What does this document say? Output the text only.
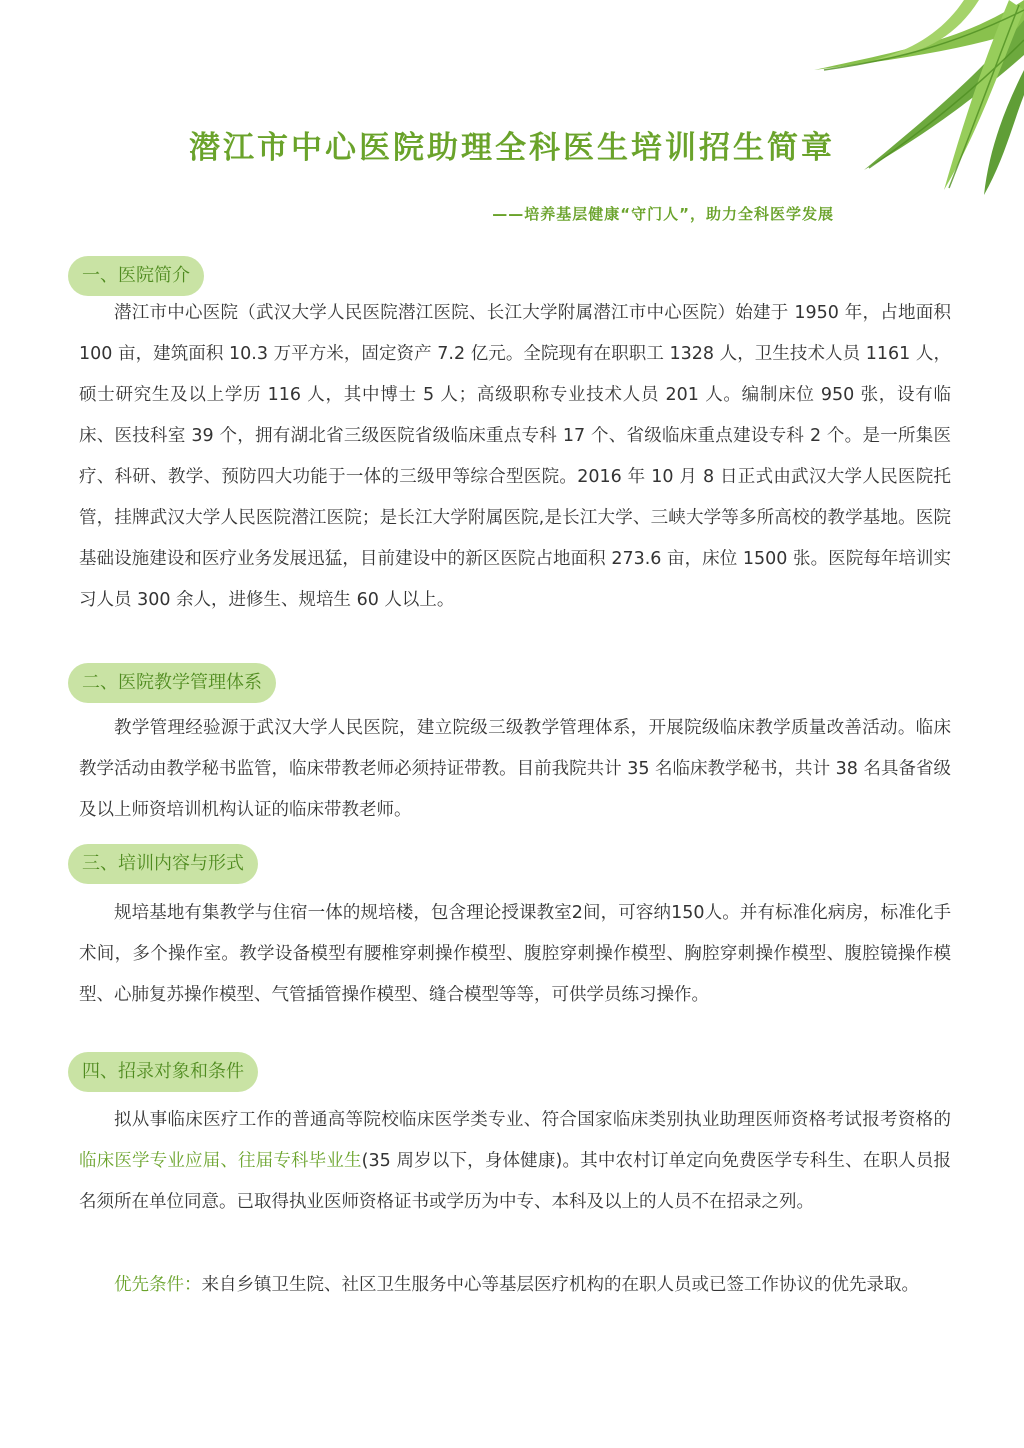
潜江市中心医院助理全科医生培训招生简章
——培养基层健康“守门人”，助力全科医学发展
一、医院简介

潜江市中心医院（武汉大学人民医院潜江医院、长江大学附属潜江市中心医院）始建于 1950 年，占地面积 100 亩，建筑面积 10.3 万平方米，固定资产 7.2 亿元。全院现有在职职工 1328 人，卫生技术人员 1161 人，硕士研究生及以上学历 116 人，其中博士 5 人；高级职称专业技术人员 201 人。编制床位 950 张，设有临床、医技科室 39 个，拥有湖北省三级医院省级临床重点专科 17 个、省级临床重点建设专科 2 个。是一所集医疗、科研、教学、预防四大功能于一体的三级甲等综合型医院。2016 年 10 月 8 日正式由武汉大学人民医院托管，挂牌武汉大学人民医院潜江医院；是长江大学附属医院,是长江大学、三峡大学等多所高校的教学基地。医院基础设施建设和医疗业务发展迅猛，目前建设中的新区医院占地面积 273.6 亩，床位 1500 张。医院每年培训实习人员 300 余人，进修生、规培生 60 人以上。

二、医院教学管理体系

教学管理经验源于武汉大学人民医院，建立院级三级教学管理体系，开展院级临床教学质量改善活动。临床教学活动由教学秘书监管，临床带教老师必须持证带教。目前我院共计 35 名临床教学秘书，共计 38 名具备省级及以上师资培训机构认证的临床带教老师。

三、培训内容与形式

规培基地有集教学与住宿一体的规培楼，包含理论授课教室2间，可容纳150人。并有标准化病房，标准化手术间，多个操作室。教学设备模型有腰椎穿刺操作模型、腹腔穿刺操作模型、胸腔穿刺操作模型、腹腔镜操作模型、心肺复苏操作模型、气管插管操作模型、缝合模型等等，可供学员练习操作。

四、招录对象和条件

拟从事临床医疗工作的普通高等院校临床医学类专业、符合国家临床类别执业助理医师资格考试报考资格的临床医学专业应届、往届专科毕业生(35 周岁以下，身体健康)。其中农村订单定向免费医学专科生、在职人员报名须所在单位同意。已取得执业医师资格证书或学历为中专、本科及以上的人员不在招录之列。

优先条件：来自乡镇卫生院、社区卫生服务中心等基层医疗机构的在职人员或已签工作协议的优先录取。
